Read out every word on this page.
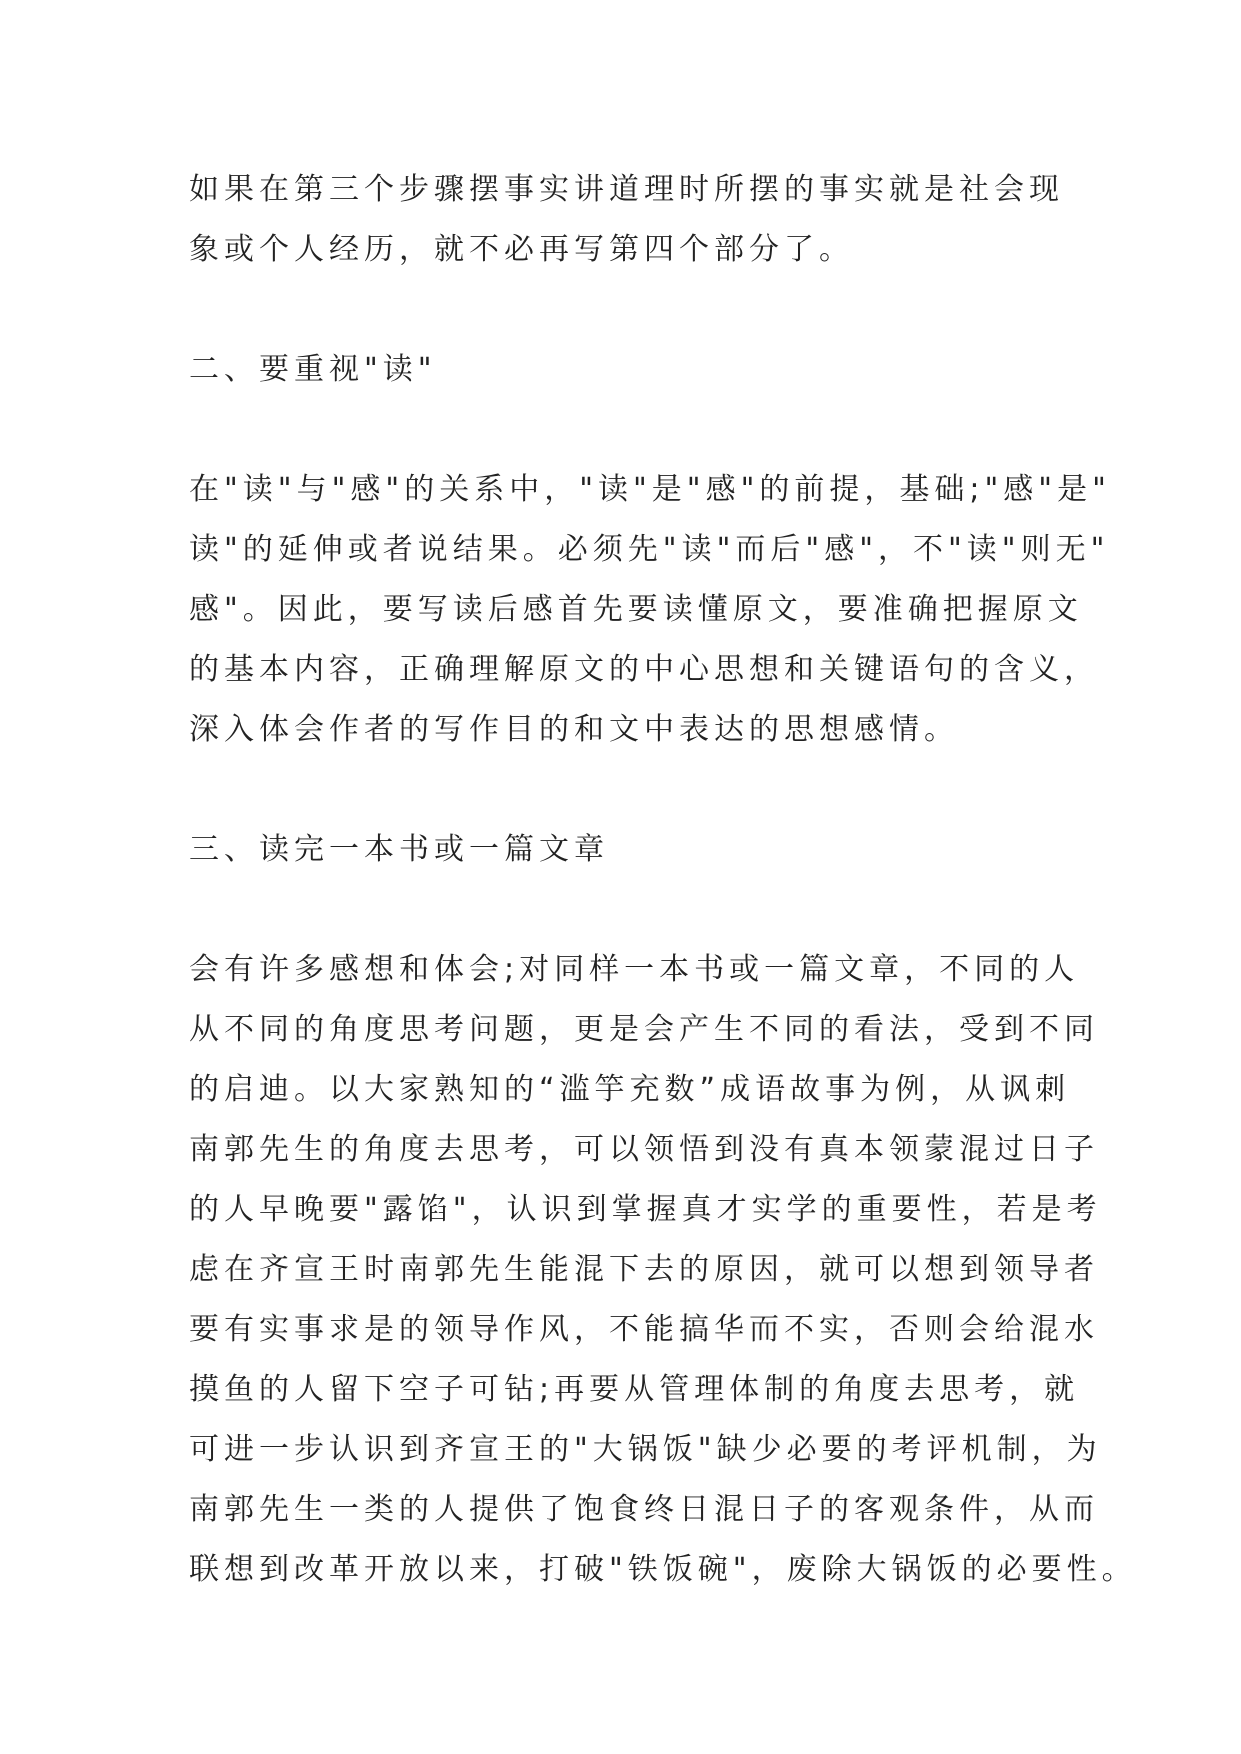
如果在第三个步骤摆事实讲道理时所摆的事实就是社会现
象或个人经历，就不必再写第四个部分了。
二、要重视"读"
在"读"与"感"的关系中，"读"是"感"的前提，基础;"感"是"
读"的延伸或者说结果。必须先"读"而后"感"，不"读"则无"
感"。因此，要写读后感首先要读懂原文，要准确把握原文
的基本内容，正确理解原文的中心思想和关键语句的含义，
深入体会作者的写作目的和文中表达的思想感情。
三、读完一本书或一篇文章
会有许多感想和体会;对同样一本书或一篇文章，不同的人
从不同的角度思考问题，更是会产生不同的看法，受到不同
的启迪。以大家熟知的“滥竽充数”成语故事为例，从讽刺
南郭先生的角度去思考，可以领悟到没有真本领蒙混过日子
的人早晚要"露馅"，认识到掌握真才实学的重要性，若是考
虑在齐宣王时南郭先生能混下去的原因，就可以想到领导者
要有实事求是的领导作风，不能搞华而不实，否则会给混水
摸鱼的人留下空子可钻;再要从管理体制的角度去思考，就
可进一步认识到齐宣王的"大锅饭"缺少必要的考评机制，为
南郭先生一类的人提供了饱食终日混日子的客观条件，从而
联想到改革开放以来，打破"铁饭碗"，废除大锅饭的必要性。
